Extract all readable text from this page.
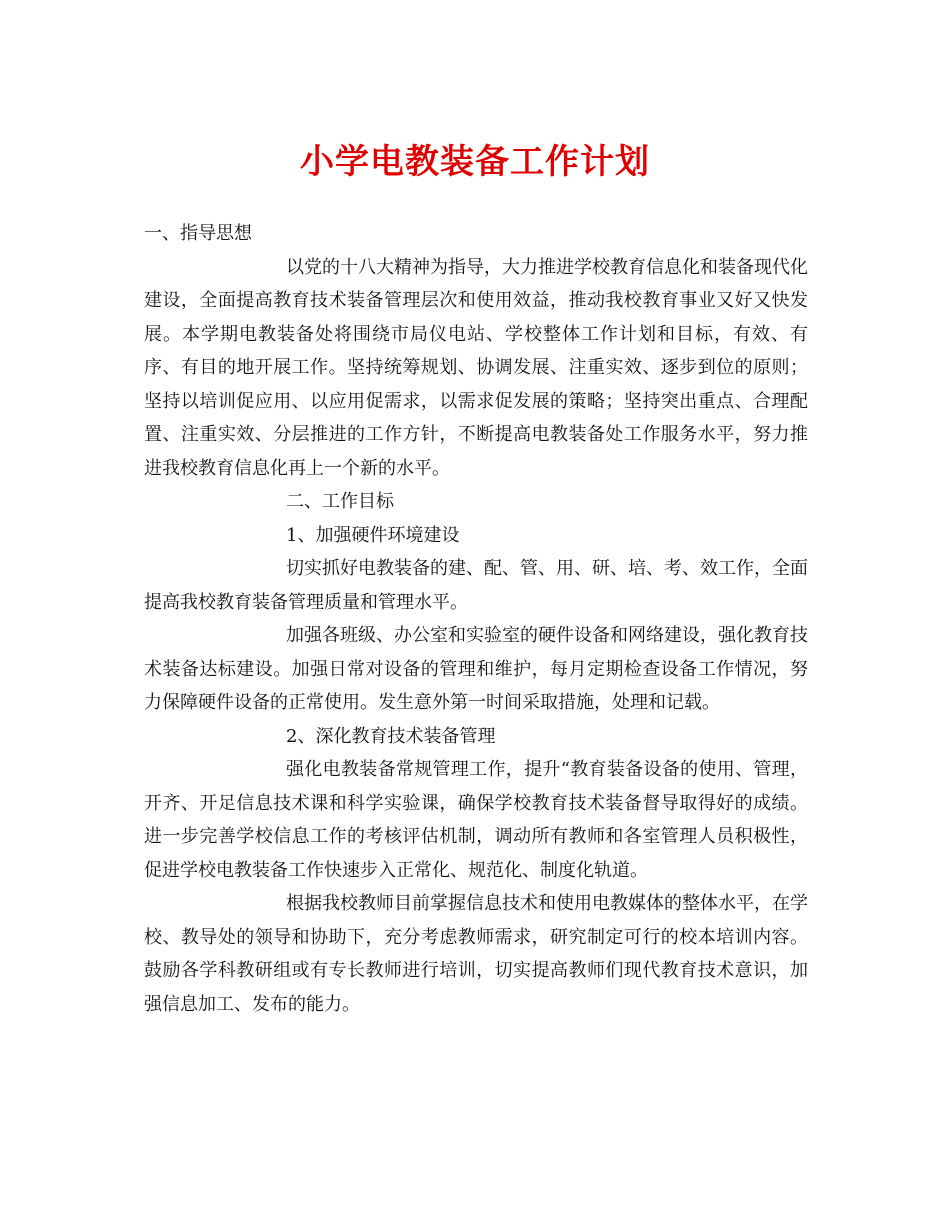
小学电教装备工作计划

一、指导思想

以党的十八大精神为指导，大力推进学校教育信息化和装备现代化建设，全面提高教育技术装备管理层次和使用效益，推动我校教育事业又好又快发展。本学期电教装备处将围绕市局仪电站、学校整体工作计划和目标，有效、有序、有目的地开展工作。坚持统筹规划、协调发展、注重实效、逐步到位的原则；坚持以培训促应用、以应用促需求，以需求促发展的策略；坚持突出重点、合理配置、注重实效、分层推进的工作方针，不断提高电教装备处工作服务水平，努力推进我校教育信息化再上一个新的水平。

二、工作目标

1、加强硬件环境建设

切实抓好电教装备的建、配、管、用、研、培、考、效工作，全面提高我校教育装备管理质量和管理水平。

加强各班级、办公室和实验室的硬件设备和网络建设，强化教育技术装备达标建设。加强日常对设备的管理和维护，每月定期检查设备工作情况，努力保障硬件设备的正常使用。发生意外第一时间采取措施，处理和记载。

2、深化教育技术装备管理

强化电教装备常规管理工作，提升“教育装备设备的使用、管理，开齐、开足信息技术课和科学实验课，确保学校教育技术装备督导取得好的成绩。进一步完善学校信息工作的考核评估机制，调动所有教师和各室管理人员积极性，促进学校电教装备工作快速步入正常化、规范化、制度化轨道。

根据我校教师目前掌握信息技术和使用电教媒体的整体水平，在学校、教导处的领导和协助下，充分考虑教师需求，研究制定可行的校本培训内容。鼓励各学科教研组或有专长教师进行培训，切实提高教师们现代教育技术意识，加强信息加工、发布的能力。
